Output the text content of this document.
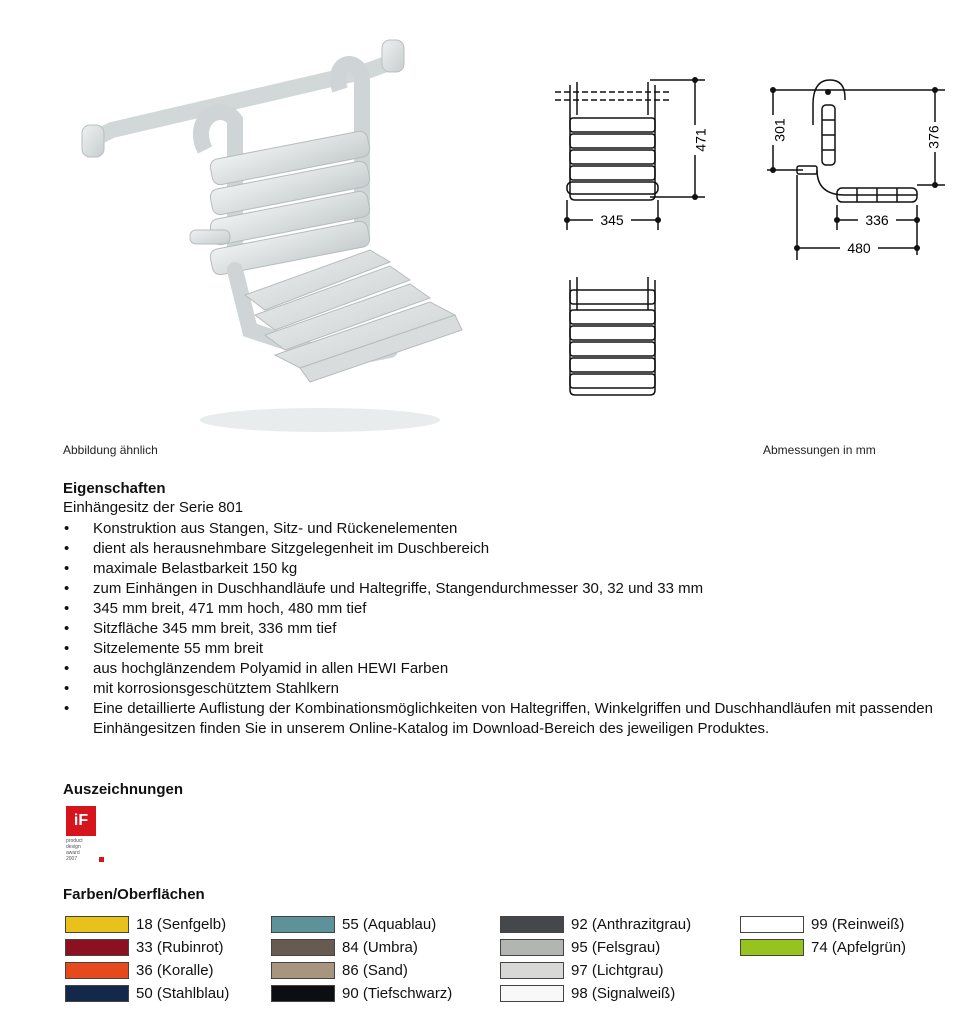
471
345
301	376
336
480
Abbildung ähnlich	Abmessungen in mm
Eigenschaften
Einhängesitz der Serie 801
• Konstruktion aus Stangen, Sitz- und Rückenelementen
• dient als herausnehmbare Sitzgelegenheit im Duschbereich
• maximale Belastbarkeit 150 kg
• zum Einhängen in Duschhandläufe und Haltegriffe, Stangendurchmesser 30, 32 und 33 mm
• 345 mm breit, 471 mm hoch, 480 mm tief
• Sitzfläche 345 mm breit, 336 mm tief
• Sitzelemente 55 mm breit
• aus hochglänzendem Polyamid in allen HEWI Farben
• mit korrosionsgeschütztem Stahlkern
• Eine detaillierte Auflistung der Kombinationsmöglichkeiten von Haltegriffen, Winkelgriffen und Duschhandläufen mit passenden Einhängesitzen finden Sie in unserem Online-Katalog im Download-Bereich des jeweiligen Produktes.
Auszeichnungen
iF
product
design
award
2007
Farben/Oberflächen
18 (Senfgelb)
33 (Rubinrot)
36 (Koralle)
50 (Stahlblau)
55 (Aquablau)
84 (Umbra)
86 (Sand)
90 (Tiefschwarz)
92 (Anthrazitgrau)
95 (Felsgrau)
97 (Lichtgrau)
98 (Signalweiß)
99 (Reinweiß)
74 (Apfelgrün)
